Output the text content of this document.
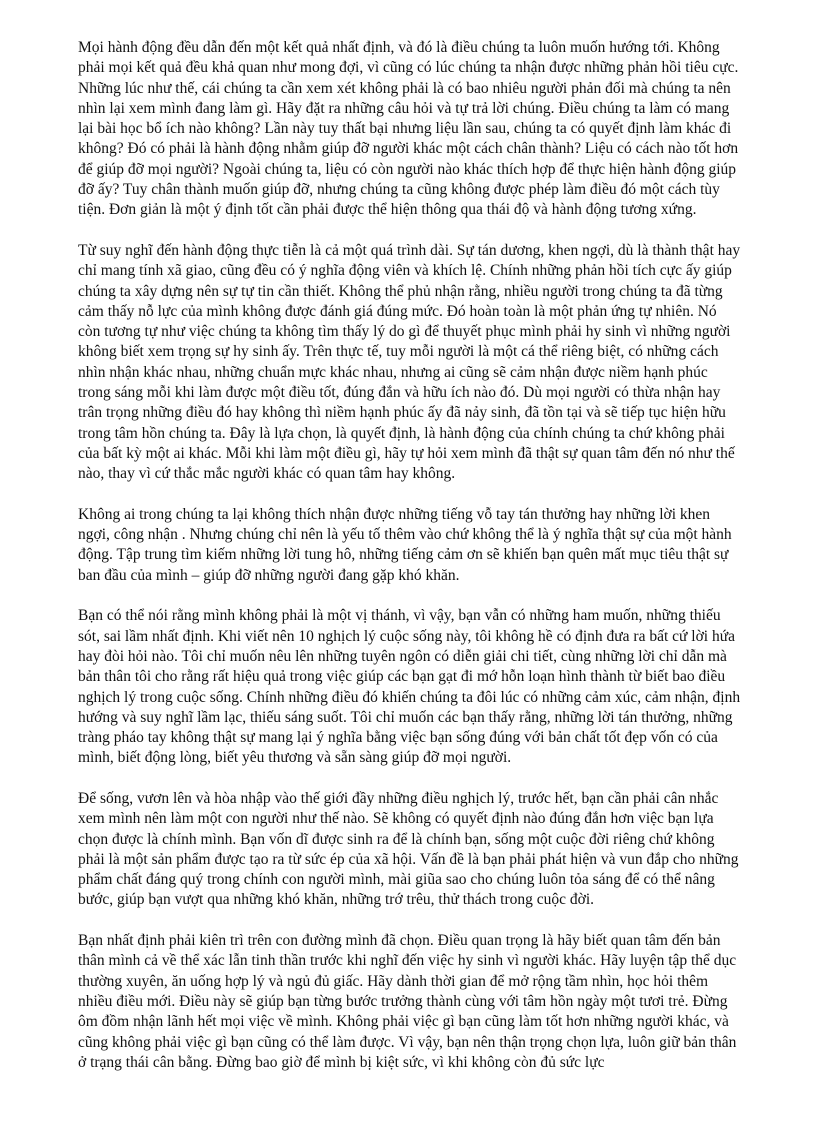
Mọi hành động đều dẫn đến một kết quả nhất định, và đó là điều chúng ta luôn muốn hướng tới. Không phải mọi kết quả đều khả quan như mong đợi, vì cũng có lúc chúng ta nhận được những phản hồi tiêu cực. Những lúc như thế, cái chúng ta cần xem xét không phải là có bao nhiêu người phản đối mà chúng ta nên nhìn lại xem mình đang làm gì. Hãy đặt ra những câu hỏi và tự trả lời chúng. Điều chúng ta làm có mang lại bài học bổ ích nào không? Lần này tuy thất bại nhưng liệu lần sau, chúng ta có quyết định làm khác đi không? Đó có phải là hành động nhằm giúp đỡ người khác một cách chân thành? Liệu có cách nào tốt hơn để giúp đỡ mọi người? Ngoài chúng ta, liệu có còn người nào khác thích hợp để thực hiện hành động giúp đỡ ấy? Tuy chân thành muốn giúp đỡ, nhưng chúng ta cũng không được phép làm điều đó một cách tùy tiện. Đơn giản là một ý định tốt cần phải được thể hiện thông qua thái độ và hành động tương xứng.

Từ suy nghĩ đến hành động thực tiễn là cả một quá trình dài. Sự tán dương, khen ngợi, dù là thành thật hay chỉ mang tính xã giao, cũng đều có ý nghĩa động viên và khích lệ. Chính những phản hồi tích cực ấy giúp chúng ta xây dựng nên sự tự tin cần thiết. Không thể phủ nhận rằng, nhiều người trong chúng ta đã từng cảm thấy nỗ lực của mình không được đánh giá đúng mức. Đó hoàn toàn là một phản ứng tự nhiên. Nó còn tương tự như việc chúng ta không tìm thấy lý do gì để thuyết phục mình phải hy sinh vì những người không biết xem trọng sự hy sinh ấy. Trên thực tế, tuy mỗi người là một cá thể riêng biệt, có những cách nhìn nhận khác nhau, những chuẩn mực khác nhau, nhưng ai cũng sẽ cảm nhận được niềm hạnh phúc trong sáng mỗi khi làm được một điều tốt, đúng đắn và hữu ích nào đó. Dù mọi người có thừa nhận hay trân trọng những điều đó hay không thì niềm hạnh phúc ấy đã nảy sinh, đã tồn tại và sẽ tiếp tục hiện hữu trong tâm hồn chúng ta. Đây là lựa chọn, là quyết định, là hành động của chính chúng ta chứ không phải của bất kỳ một ai khác. Mỗi khi làm một điều gì, hãy tự hỏi xem mình đã thật sự quan tâm đến nó như thế nào, thay vì cứ thắc mắc người khác có quan tâm hay không.

Không ai trong chúng ta lại không thích nhận được những tiếng vỗ tay tán thưởng hay những lời khen ngợi, công nhận . Nhưng chúng chỉ nên là yếu tố thêm vào chứ không thể là ý nghĩa thật sự của một hành động. Tập trung tìm kiếm những lời tung hô, những tiếng cảm ơn sẽ khiến bạn quên mất mục tiêu thật sự ban đầu của mình – giúp đỡ những người đang gặp khó khăn.

Bạn có thể nói rằng mình không phải là một vị thánh, vì vậy, bạn vẫn có những ham muốn, những thiếu sót, sai lầm nhất định. Khi viết nên 10 nghịch lý cuộc sống này, tôi không hề có định đưa ra bất cứ lời hứa hay đòi hỏi nào. Tôi chỉ muốn nêu lên những tuyên ngôn có diễn giải chi tiết, cùng những lời chỉ dẫn mà bản thân tôi cho rằng rất hiệu quả trong việc giúp các bạn gạt đi mớ hỗn loạn hình thành từ biết bao điều nghịch lý trong cuộc sống. Chính những điều đó khiến chúng ta đôi lúc có những cảm xúc, cảm nhận, định hướng và suy nghĩ lầm lạc, thiếu sáng suốt. Tôi chỉ muốn các bạn thấy rằng, những lời tán thưởng, những tràng pháo tay không thật sự mang lại ý nghĩa bằng việc bạn sống đúng với bản chất tốt đẹp vốn có của mình, biết động lòng, biết yêu thương và sẵn sàng giúp đỡ mọi người.

Để sống, vươn lên và hòa nhập vào thế giới đầy những điều nghịch lý, trước hết, bạn cần phải cân nhắc xem mình nên làm một con người như thế nào. Sẽ không có quyết định nào đúng đắn hơn việc bạn lựa chọn được là chính mình. Bạn vốn dĩ được sinh ra để là chính bạn, sống một cuộc đời riêng chứ không phải là một sản phẩm được tạo ra từ sức ép của xã hội. Vấn đề là bạn phải phát hiện và vun đắp cho những phẩm chất đáng quý trong chính con người mình, mài giũa sao cho chúng luôn tỏa sáng để có thể nâng bước, giúp bạn vượt qua những khó khăn, những trớ trêu, thử thách trong cuộc đời.

Bạn nhất định phải kiên trì trên con đường mình đã chọn. Điều quan trọng là hãy biết quan tâm đến bản thân mình cả về thể xác lẫn tinh thần trước khi nghĩ đến việc hy sinh vì người khác. Hãy luyện tập thể dục thường xuyên, ăn uống hợp lý và ngủ đủ giấc. Hãy dành thời gian để mở rộng tầm nhìn, học hỏi thêm nhiều điều mới. Điều này sẽ giúp bạn từng bước trưởng thành cùng với tâm hồn ngày một tươi trẻ. Đừng ôm đồm nhận lãnh hết mọi việc về mình. Không phải việc gì bạn cũng làm tốt hơn những người khác, và cũng không phải việc gì bạn cũng có thể làm được. Vì vậy, bạn nên thận trọng chọn lựa, luôn giữ bản thân ở trạng thái cân bằng. Đừng bao giờ để mình bị kiệt sức, vì khi không còn đủ sức lực
